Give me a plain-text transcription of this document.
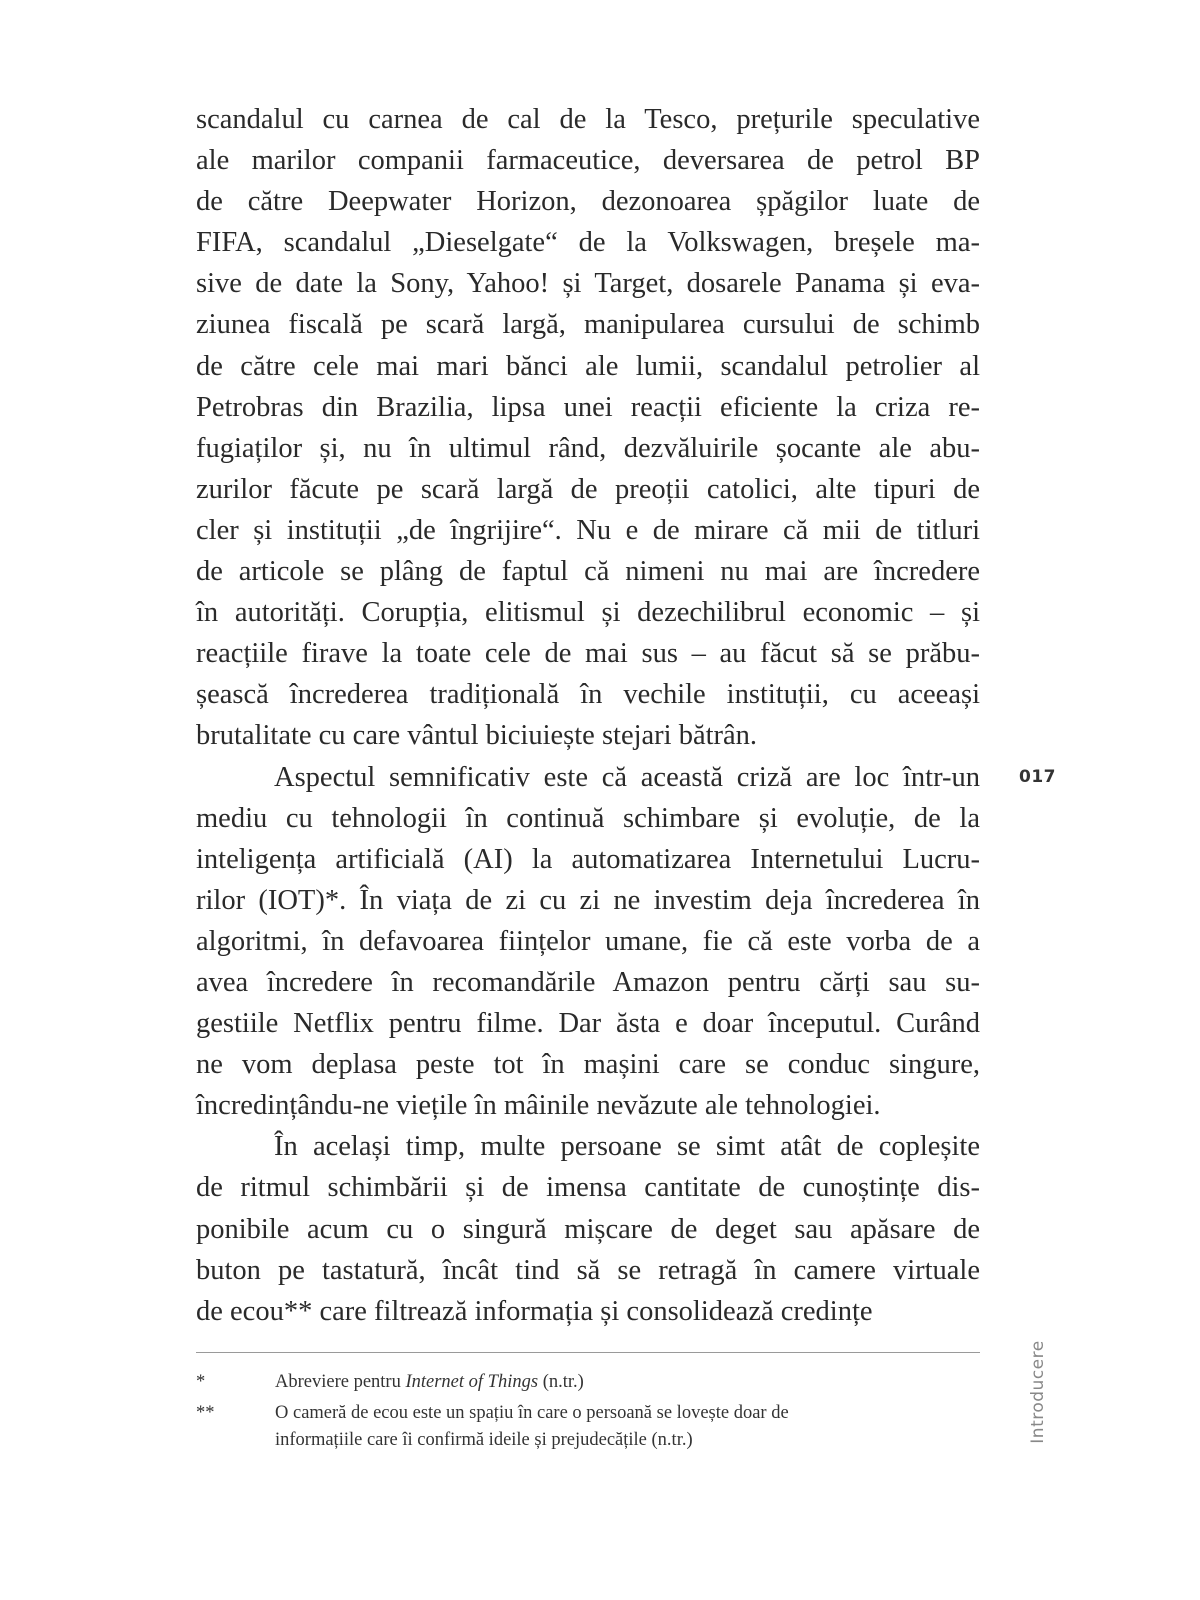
scandalul cu carnea de cal de la Tesco, prețurile speculative
ale marilor companii farmaceutice, deversarea de petrol BP
de către Deepwater Horizon, dezonoarea șpăgilor luate de
FIFA, scandalul „Dieselgate“ de la Volkswagen, breșele ma-
sive de date la Sony, Yahoo! și Target, dosarele Panama și eva-
ziunea fiscală pe scară largă, manipularea cursului de schimb
de către cele mai mari bănci ale lumii, scandalul petrolier al
Petrobras din Brazilia, lipsa unei reacții eficiente la criza re-
fugiaților și, nu în ultimul rând, dezvăluirile șocante ale abu-
zurilor făcute pe scară largă de preoții catolici, alte tipuri de
cler și instituții „de îngrijire“. Nu e de mirare că mii de titluri
de articole se plâng de faptul că nimeni nu mai are încredere
în autorități. Corupția, elitismul și dezechilibrul economic – și
reacțiile firave la toate cele de mai sus – au făcut să se prăbu-
șească încrederea tradițională în vechile instituții, cu aceeași
brutalitate cu care vântul biciuiește stejari bătrân.
Aspectul semnificativ este că această criză are loc într-un
mediu cu tehnologii în continuă schimbare și evoluție, de la
inteligența artificială (AI) la automatizarea Internetului Lucru-
rilor (IOT)*. În viața de zi cu zi ne investim deja încrederea în
algoritmi, în defavoarea ființelor umane, fie că este vorba de a
avea încredere în recomandările Amazon pentru cărți sau su-
gestiile Netflix pentru filme. Dar ăsta e doar începutul. Curând
ne vom deplasa peste tot în mașini care se conduc singure,
încredințându-ne viețile în mâinile nevăzute ale tehnologiei.
În același timp, multe persoane se simt atât de copleșite
de ritmul schimbării și de imensa cantitate de cunoștințe dis-
ponibile acum cu o singură mișcare de deget sau apăsare de
buton pe tastatură, încât tind să se retragă în camere virtuale
de ecou** care filtrează informația și consolidează credințe
*	Abreviere pentru Internet of Things (n.tr.)
**	O cameră de ecou este un spațiu în care o persoană se lovește doar de
informațiile care îi confirmă ideile și prejudecățile (n.tr.)
017
Introducere
